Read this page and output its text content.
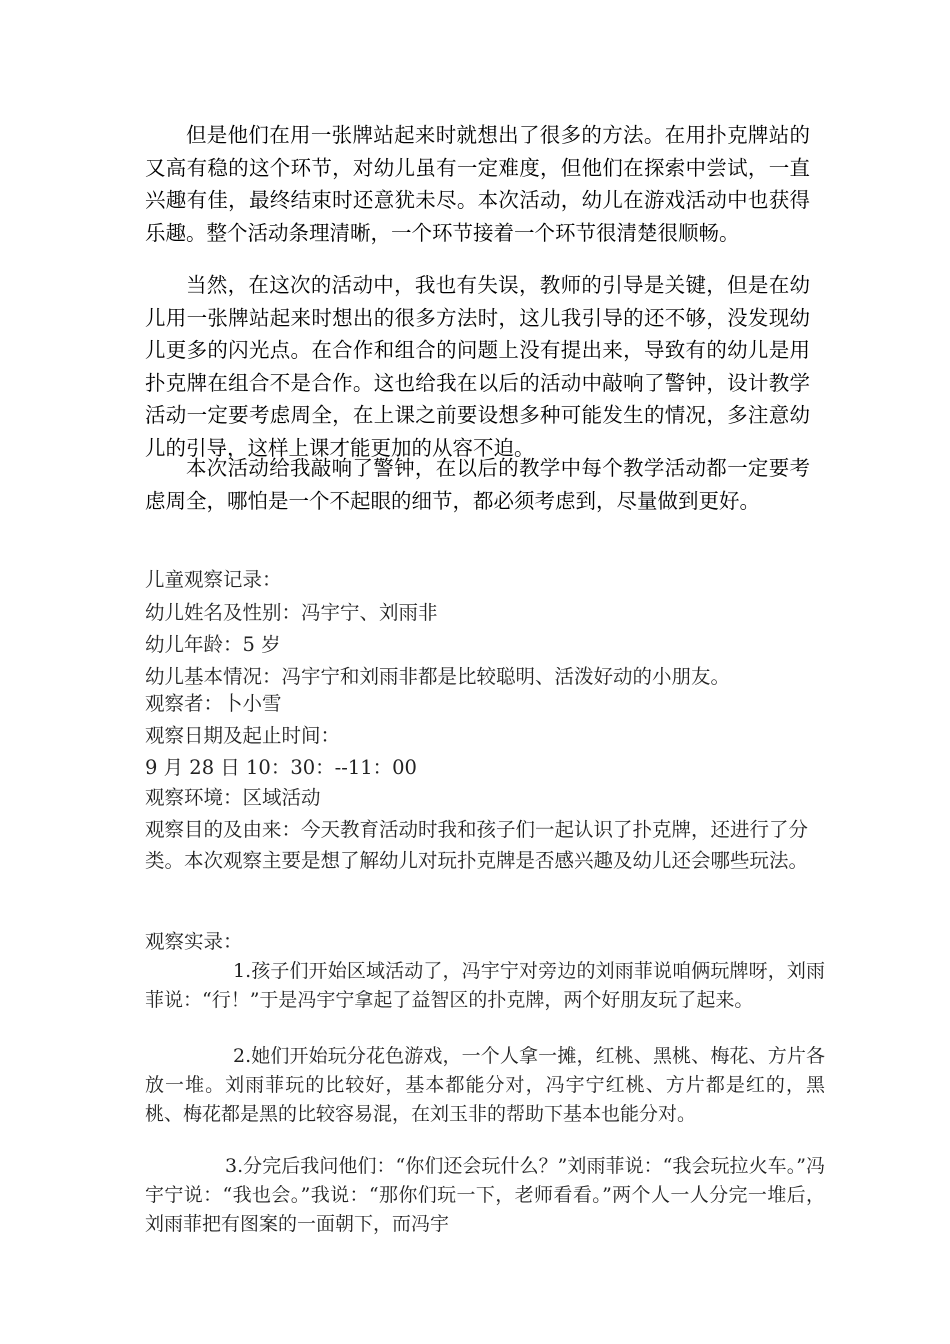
但是他们在用一张牌站起来时就想出了很多的方法。在用扑克牌站的又高有稳的这个环节，对幼儿虽有一定难度，但他们在探索中尝试，一直兴趣有佳，最终结束时还意犹未尽。本次活动，幼儿在游戏活动中也获得乐趣。整个活动条理清晰，一个环节接着一个环节很清楚很顺畅。

当然，在这次的活动中，我也有失误，教师的引导是关键，但是在幼儿用一张牌站起来时想出的很多方法时，这儿我引导的还不够，没发现幼儿更多的闪光点。在合作和组合的问题上没有提出来，导致有的幼儿是用扑克牌在组合不是合作。这也给我在以后的活动中敲响了警钟，设计教学活动一定要考虑周全，在上课之前要设想多种可能发生的情况，多注意幼儿的引导，这样上课才能更加的从容不迫。

本次活动给我敲响了警钟，在以后的教学中每个教学活动都一定要考虑周全，哪怕是一个不起眼的细节，都必须考虑到，尽量做到更好。

儿童观察记录：

幼儿姓名及性别：冯宇宁、刘雨非

幼儿年龄：5 岁

幼儿基本情况：冯宇宁和刘雨非都是比较聪明、活泼好动的小朋友。

观察者：卜小雪

观察日期及起止时间：

9 月 28 日 10：30：--11：00

观察环境：区域活动

观察目的及由来：今天教育活动时我和孩子们一起认识了扑克牌，还进行了分类。本次观察主要是想了解幼儿对玩扑克牌是否感兴趣及幼儿还会哪些玩法。

观察实录：

1.孩子们开始区域活动了，冯宇宁对旁边的刘雨菲说咱俩玩牌呀，刘雨菲说：“行！”于是冯宇宁拿起了益智区的扑克牌，两个好朋友玩了起来。

2.她们开始玩分花色游戏，一个人拿一摊，红桃、黑桃、梅花、方片各放一堆。刘雨菲玩的比较好，基本都能分对，冯宇宁红桃、方片都是红的，黑桃、梅花都是黑的比较容易混，在刘玉非的帮助下基本也能分对。

3.分完后我问他们：“你们还会玩什么？”刘雨菲说：“我会玩拉火车。”冯宇宁说：“我也会。”我说：“那你们玩一下，老师看看。”两个人一人分完一堆后，刘雨菲把有图案的一面朝下，而冯宇
